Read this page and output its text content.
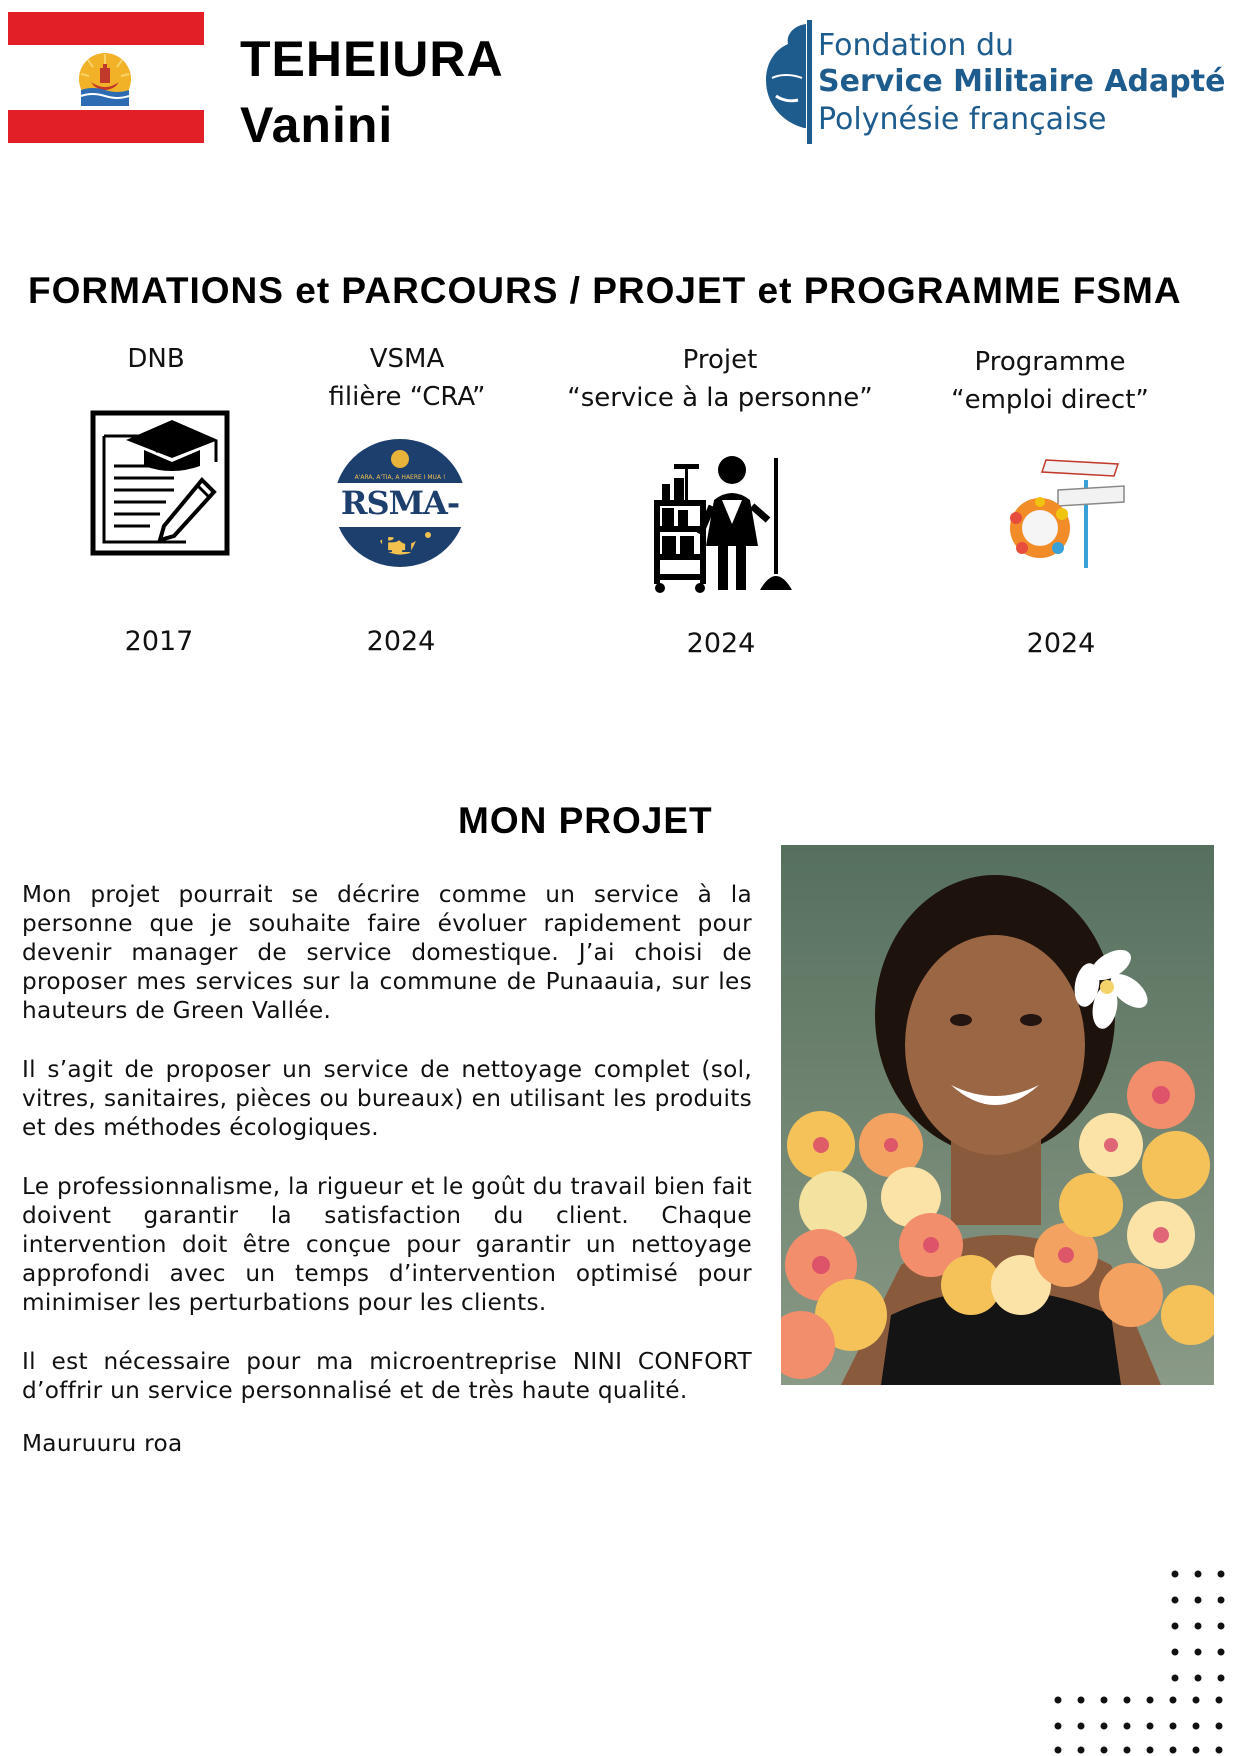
TEHEIURA
Vanini
Fondation du
Service Militaire Adapté
Polynésie française
FORMATIONS et PARCOURS / PROJET et PROGRAMME FSMA
DNB
2017
VSMA
filière “CRA”
A'ARA, A'TIA, A HAERE I MUA !
RSMA-PF
2024
Projet
“service à la personne”
2024
Programme
“emploi direct”
2024
MON PROJET

Mon projet pourrait se décrire comme un service à la personne que je souhaite faire évoluer rapidement pour devenir manager de service domestique. J’ai choisi de proposer mes services sur la commune de Punaauia, sur les hauteurs de Green Vallée.

Il s’agit de proposer un service de nettoyage complet (sol, vitres, sanitaires, pièces ou bureaux) en utilisant les produits et des méthodes écologiques.

Le professionnalisme, la rigueur et le goût du travail bien fait doivent garantir la satisfaction du client. Chaque intervention doit être conçue pour garantir un nettoyage approfondi avec un temps d’intervention optimisé pour minimiser les perturbations pour les clients.

Il est nécessaire pour ma microentreprise NINI CONFORT d’offrir un service personnalisé et de très haute qualité.

Mauruuru roa
